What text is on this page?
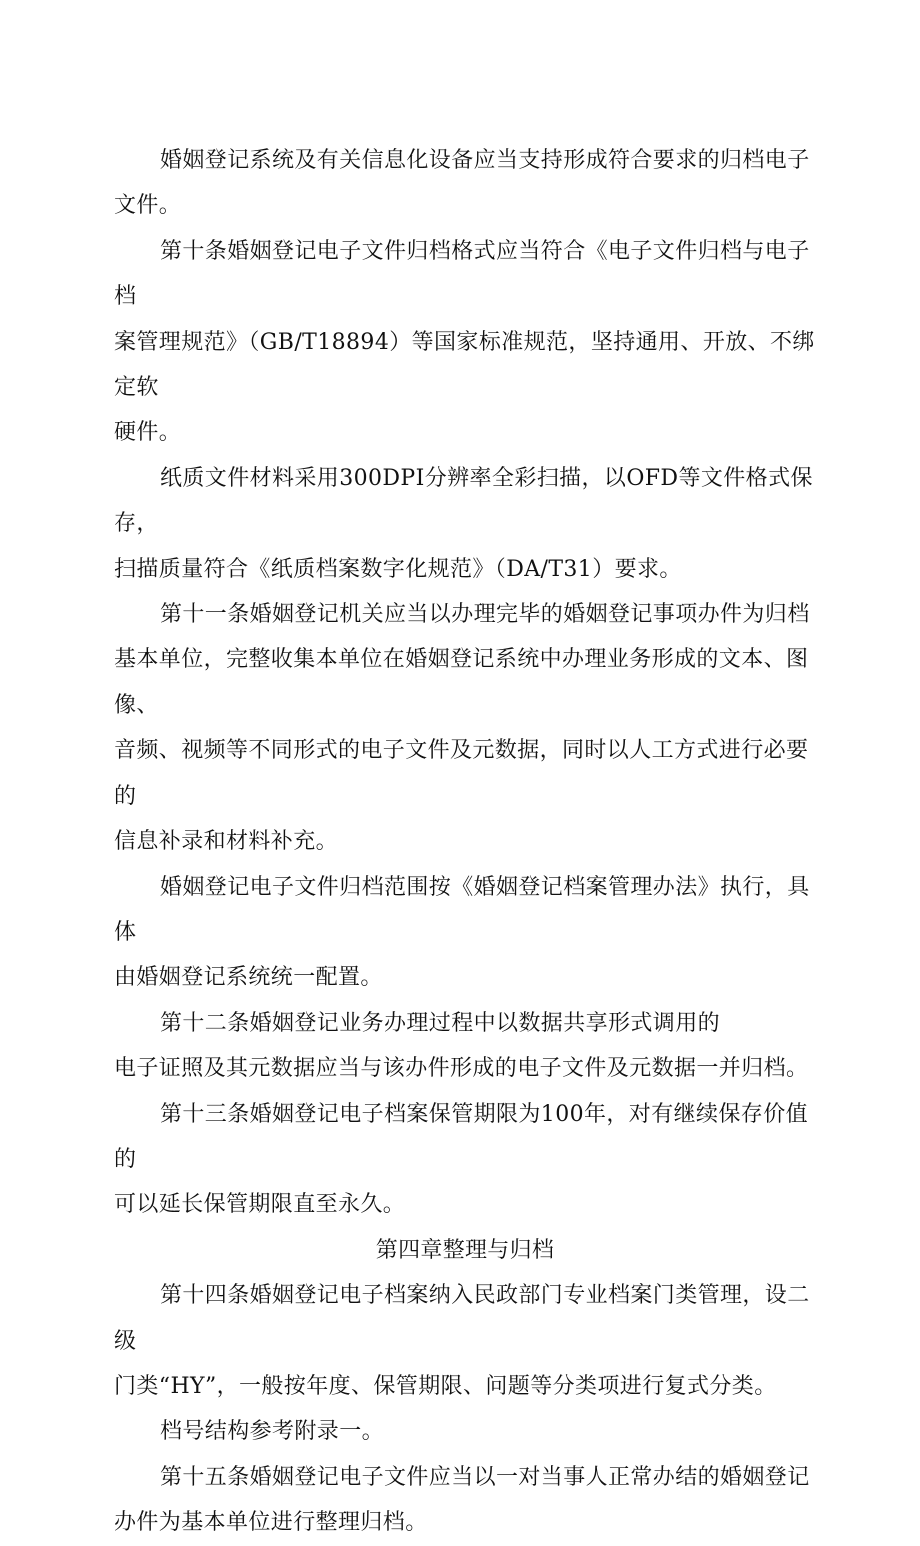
婚姻登记系统及有关信息化设备应当支持形成符合要求的归档电子
文件。

第十条婚姻登记电子文件归档格式应当符合《电子文件归档与电子档
案管理规范》（GB/T18894）等国家标准规范，坚持通用、开放、不绑定软
硬件。

纸质文件材料采用300DPI分辨率全彩扫描，以OFD等文件格式保存，
扫描质量符合《纸质档案数字化规范》（DA/T31）要求。

第十一条婚姻登记机关应当以办理完毕的婚姻登记事项办件为归档
基本单位，完整收集本单位在婚姻登记系统中办理业务形成的文本、图像、
音频、视频等不同形式的电子文件及元数据，同时以人工方式进行必要的
信息补录和材料补充。

婚姻登记电子文件归档范围按《婚姻登记档案管理办法》执行，具体
由婚姻登记系统统一配置。

第十二条婚姻登记业务办理过程中以数据共享形式调用的
电子证照及其元数据应当与该办件形成的电子文件及元数据一并归档。

第十三条婚姻登记电子档案保管期限为100年，对有继续保存价值的
可以延长保管期限直至永久。

第四章整理与归档

第十四条婚姻登记电子档案纳入民政部门专业档案门类管理，设二级
门类“HY”，一般按年度、保管期限、问题等分类项进行复式分类。

档号结构参考附录一。

第十五条婚姻登记电子文件应当以一对当事人正常办结的婚姻登记
办件为基本单位进行整理归档。
